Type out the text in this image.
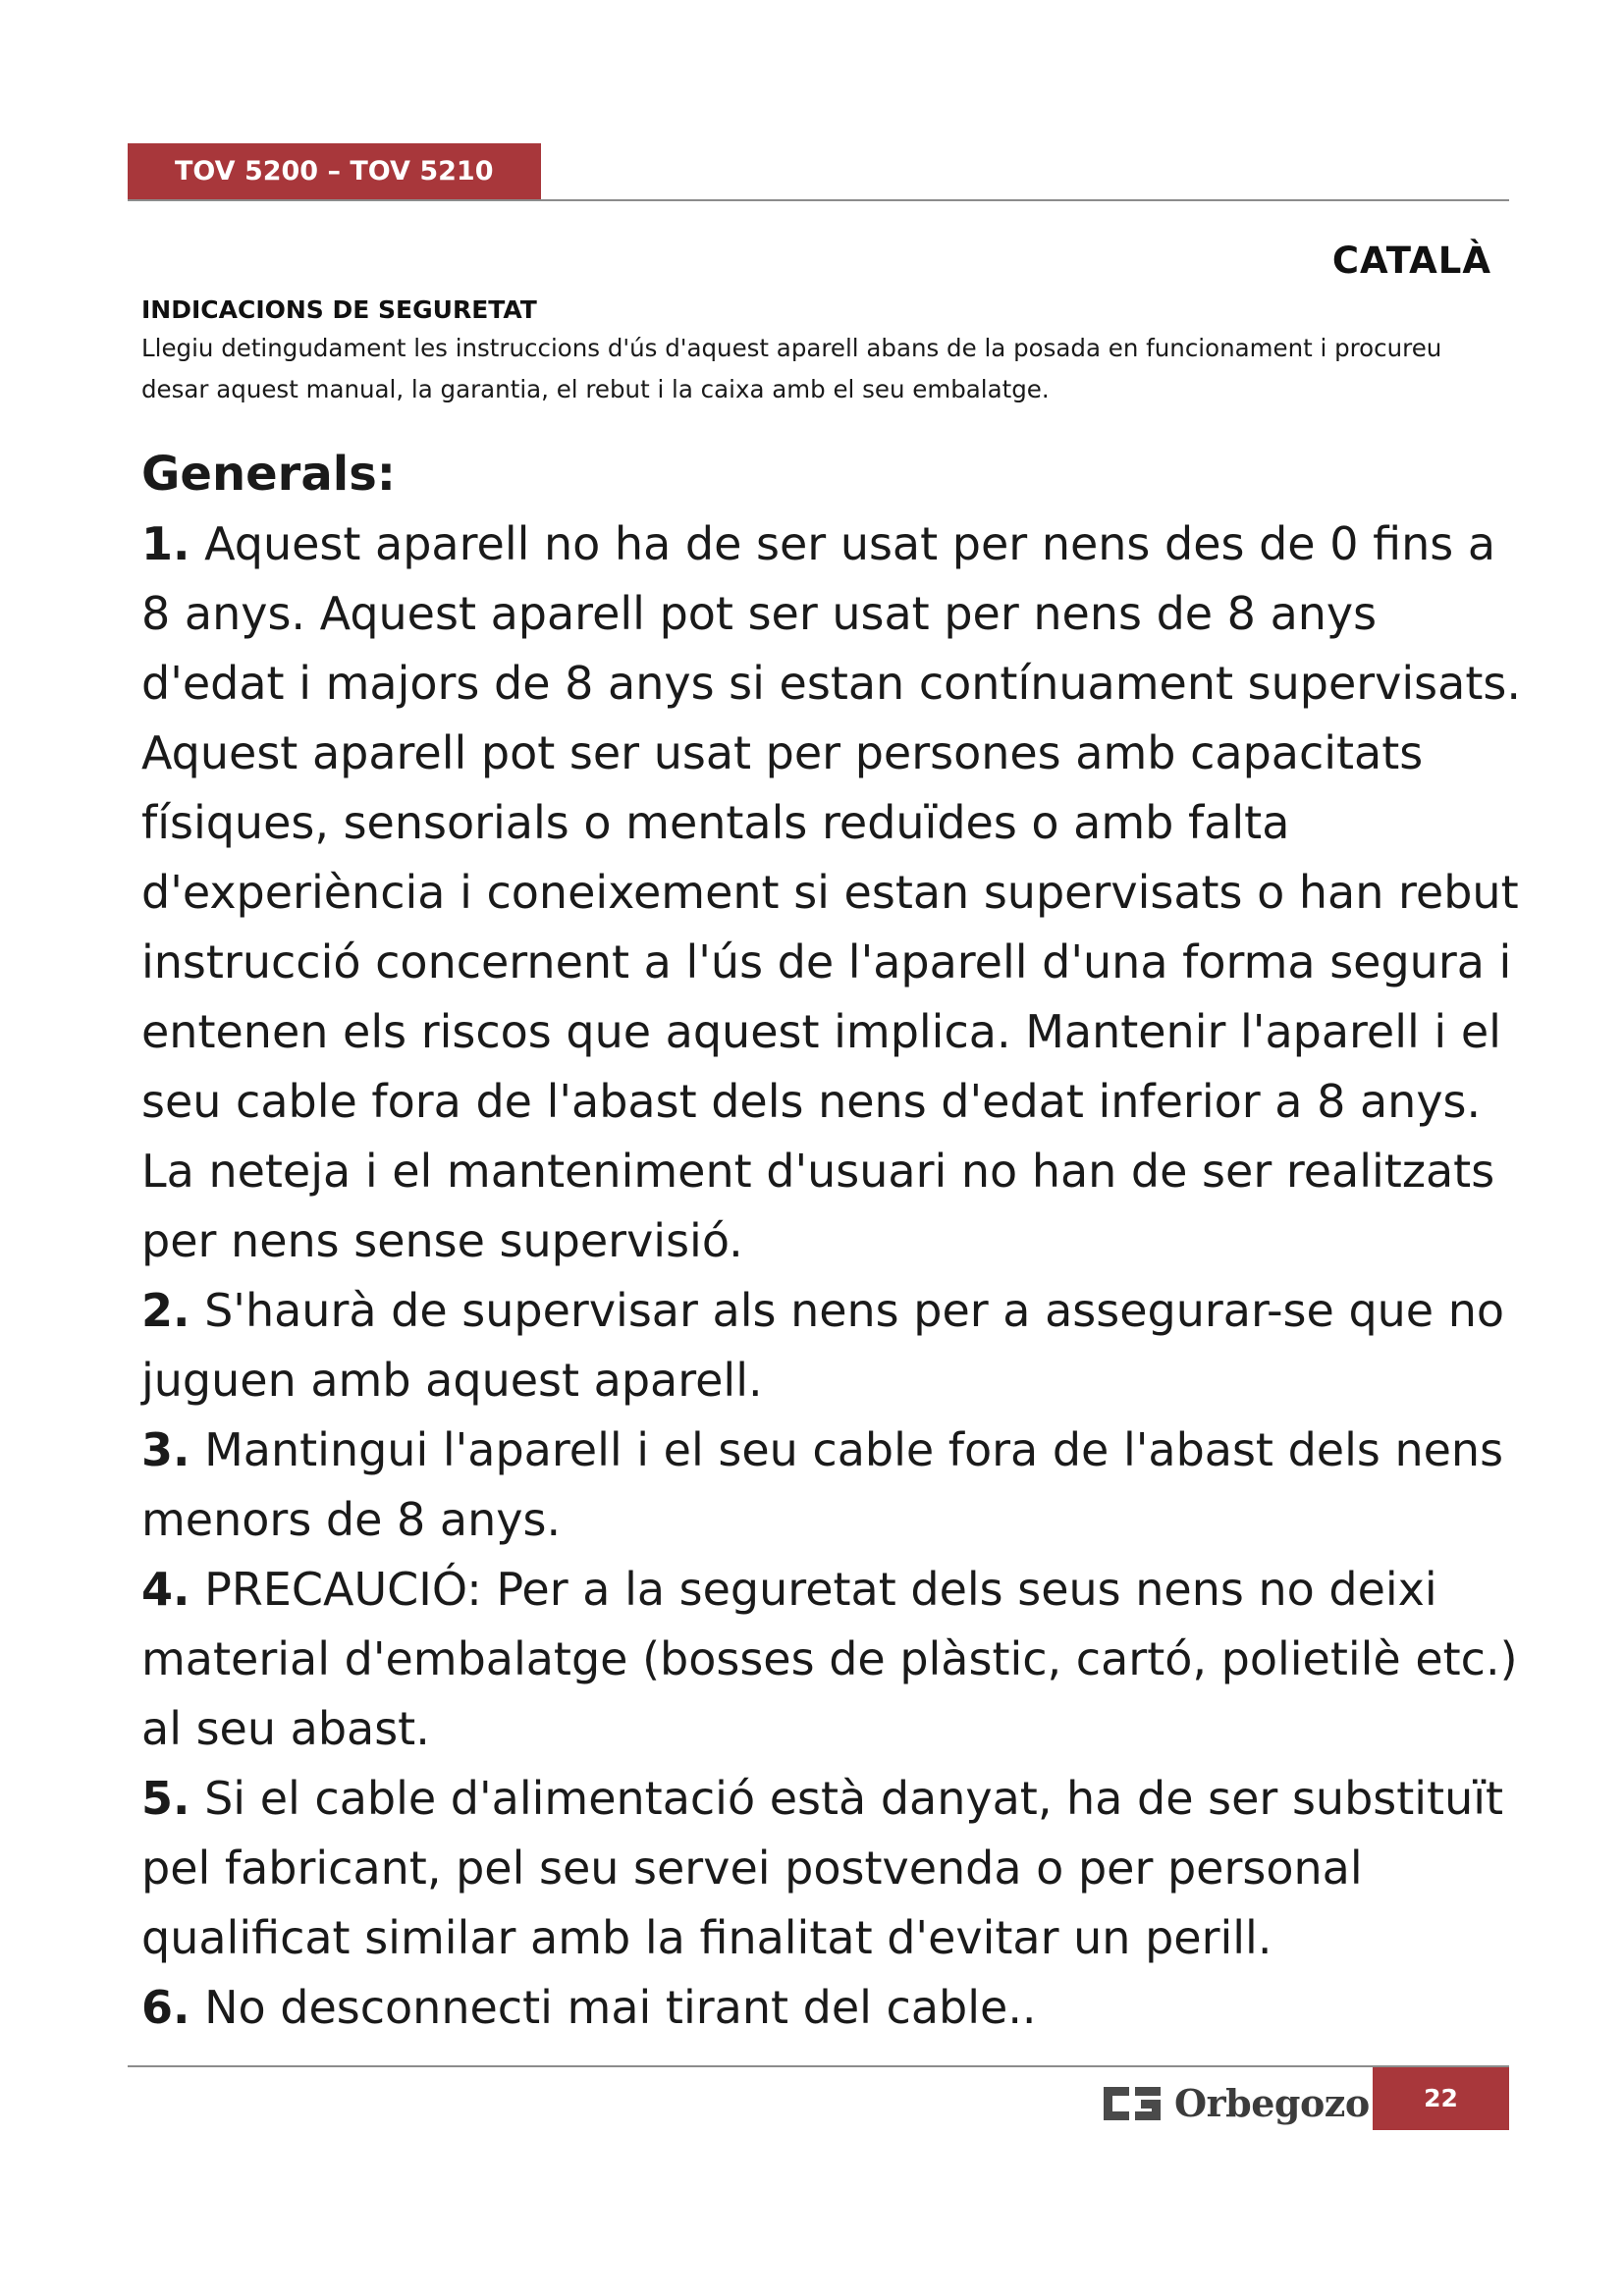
TOV 5200 – TOV 5210
CATALÀ
INDICACIONS DE SEGURETAT

Llegiu detingudament les instruccions d'ús d'aquest aparell abans de la posada en funcionament i procureu desar aquest manual, la garantia, el rebut i la caixa amb el seu embalatge.

Generals:

1. Aquest aparell no ha de ser usat per nens des de 0 fins a 8 anys. Aquest aparell pot ser usat per nens de 8 anys d'edat i majors de 8 anys si estan contínuament supervisats. Aquest aparell pot ser usat per persones amb capacitats físiques, sensorials o mentals reduïdes o amb falta d'experiència i coneixement si estan supervisats o han rebut instrucció concernent a l'ús de l'aparell d'una forma segura i entenen els riscos que aquest implica. Mantenir l'aparell i el seu cable fora de l'abast dels nens d'edat inferior a 8 anys. La neteja i el manteniment d'usuari no han de ser realitzats per nens sense supervisió.

2. S'haurà de supervisar als nens per a assegurar-se que no juguen amb aquest aparell.

3. Mantingui l'aparell i el seu cable fora de l'abast dels nens menors de 8 anys.

4. PRECAUCIÓ: Per a la seguretat dels seus nens no deixi material d'embalatge (bosses de plàstic, cartó, polietilè etc.) al seu abast.

5. Si el cable d'alimentació està danyat, ha de ser substituït pel fabricant, pel seu servei postvenda o per personal qualificat similar amb la finalitat d'evitar un perill.

6. No desconnecti mai tirant del cable..

Orbegozo	22
